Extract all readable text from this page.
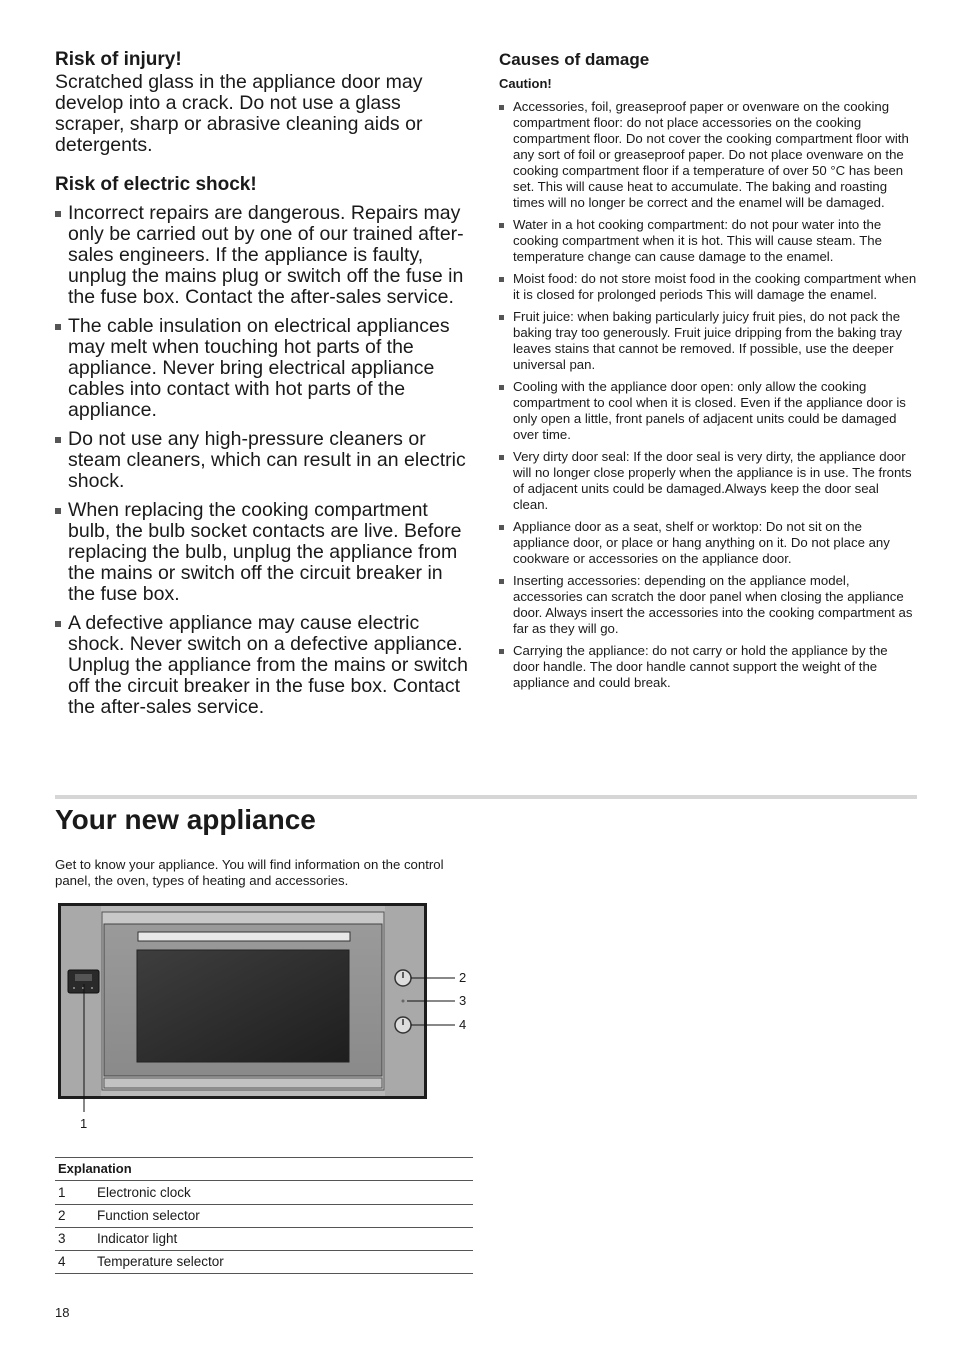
Risk of injury!

Scratched glass in the appliance door may develop into a crack. Do not use a glass scraper, sharp or abrasive cleaning aids or detergents.

Risk of electric shock!
Incorrect repairs are dangerous. Repairs may only be carried out by one of our trained after-sales engineers. If the appliance is faulty, unplug the mains plug or switch off the fuse in the fuse box. Contact the after-sales service.
The cable insulation on electrical appliances may melt when touching hot parts of the appliance. Never bring electrical appliance cables into contact with hot parts of the appliance.
Do not use any high-pressure cleaners or steam cleaners, which can result in an electric shock.
When replacing the cooking compartment bulb, the bulb socket contacts are live. Before replacing the bulb, unplug the appliance from the mains or switch off the circuit breaker in the fuse box.
A defective appliance may cause electric shock. Never switch on a defective appliance. Unplug the appliance from the mains or switch off the circuit breaker in the fuse box. Contact the after-sales service.
Causes of damage
Caution!
Accessories, foil, greaseproof paper or ovenware on the cooking compartment floor: do not place accessories on the cooking compartment floor. Do not cover the cooking compartment floor with any sort of foil or greaseproof paper. Do not place ovenware on the cooking compartment floor if a temperature of over 50 °C has been set. This will cause heat to accumulate. The baking and roasting times will no longer be correct and the enamel will be damaged.
Water in a hot cooking compartment: do not pour water into the cooking compartment when it is hot. This will cause steam. The temperature change can cause damage to the enamel.
Moist food: do not store moist food in the cooking compartment when it is closed for prolonged periods This will damage the enamel.
Fruit juice: when baking particularly juicy fruit pies, do not pack the baking tray too generously. Fruit juice dripping from the baking tray leaves stains that cannot be removed. If possible, use the deeper universal pan.
Cooling with the appliance door open: only allow the cooking compartment to cool when it is closed. Even if the appliance door is only open a little, front panels of adjacent units could be damaged over time.
Very dirty door seal: If the door seal is very dirty, the appliance door will no longer close properly when the appliance is in use. The fronts of adjacent units could be damaged.Always keep the door seal clean.
Appliance door as a seat, shelf or worktop: Do not sit on the appliance door, or place or hang anything on it. Do not place any cookware or accessories on the appliance door.
Inserting accessories: depending on the appliance model, accessories can scratch the door panel when closing the appliance door. Always insert the accessories into the cooking compartment as far as they will go.
Carrying the appliance: do not carry or hold the appliance by the door handle. The door handle cannot support the weight of the appliance and could break.
Your new appliance

Get to know your appliance. You will find information on the control panel, the oven, types of heating and accessories.

1
2
3
4
Explanation
1	Electronic clock
2	Function selector
3	Indicator light
4	Temperature selector
18
